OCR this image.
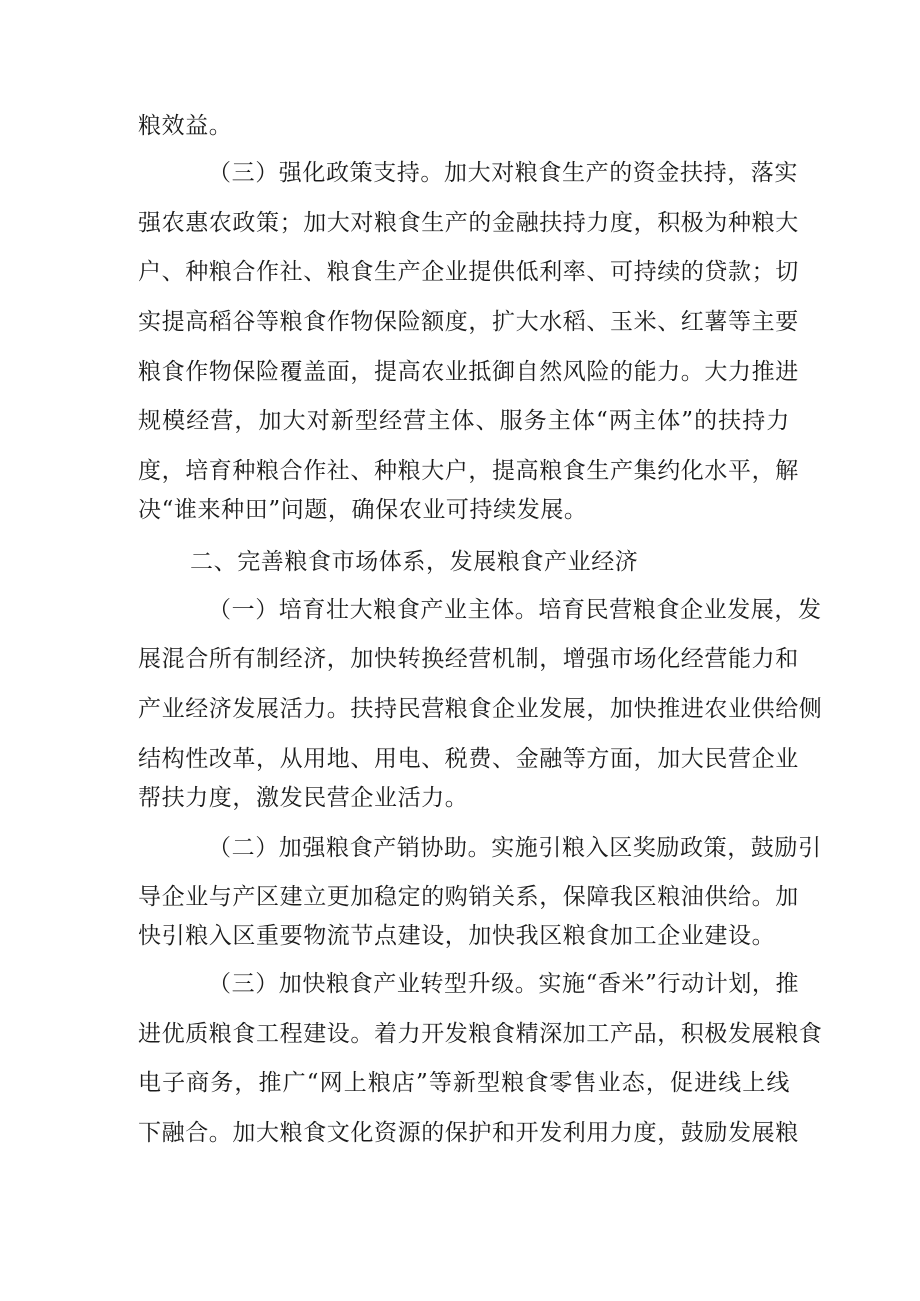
粮效益。
（三）强化政策支持。加大对粮食生产的资金扶持，落实
强农惠农政策；加大对粮食生产的金融扶持力度，积极为种粮大
户、种粮合作社、粮食生产企业提供低利率、可持续的贷款；切
实提高稻谷等粮食作物保险额度，扩大水稻、玉米、红薯等主要
粮食作物保险覆盖面，提高农业抵御自然风险的能力。大力推进
规模经营，加大对新型经营主体、服务主体“两主体”的扶持力
度，培育种粮合作社、种粮大户，提高粮食生产集约化水平，解
决“谁来种田”问题，确保农业可持续发展。
二、完善粮食市场体系，发展粮食产业经济
（一）培育壮大粮食产业主体。培育民营粮食企业发展，发
展混合所有制经济，加快转换经营机制，增强市场化经营能力和
产业经济发展活力。扶持民营粮食企业发展，加快推进农业供给侧
结构性改革，从用地、用电、税费、金融等方面，加大民营企业
帮扶力度，激发民营企业活力。
（二）加强粮食产销协助。实施引粮入区奖励政策，鼓励引
导企业与产区建立更加稳定的购销关系，保障我区粮油供给。加
快引粮入区重要物流节点建设，加快我区粮食加工企业建设。
（三）加快粮食产业转型升级。实施“香米”行动计划，推
进优质粮食工程建设。着力开发粮食精深加工产品，积极发展粮食
电子商务，推广“网上粮店”等新型粮食零售业态，促进线上线
下融合。加大粮食文化资源的保护和开发利用力度，鼓励发展粮
